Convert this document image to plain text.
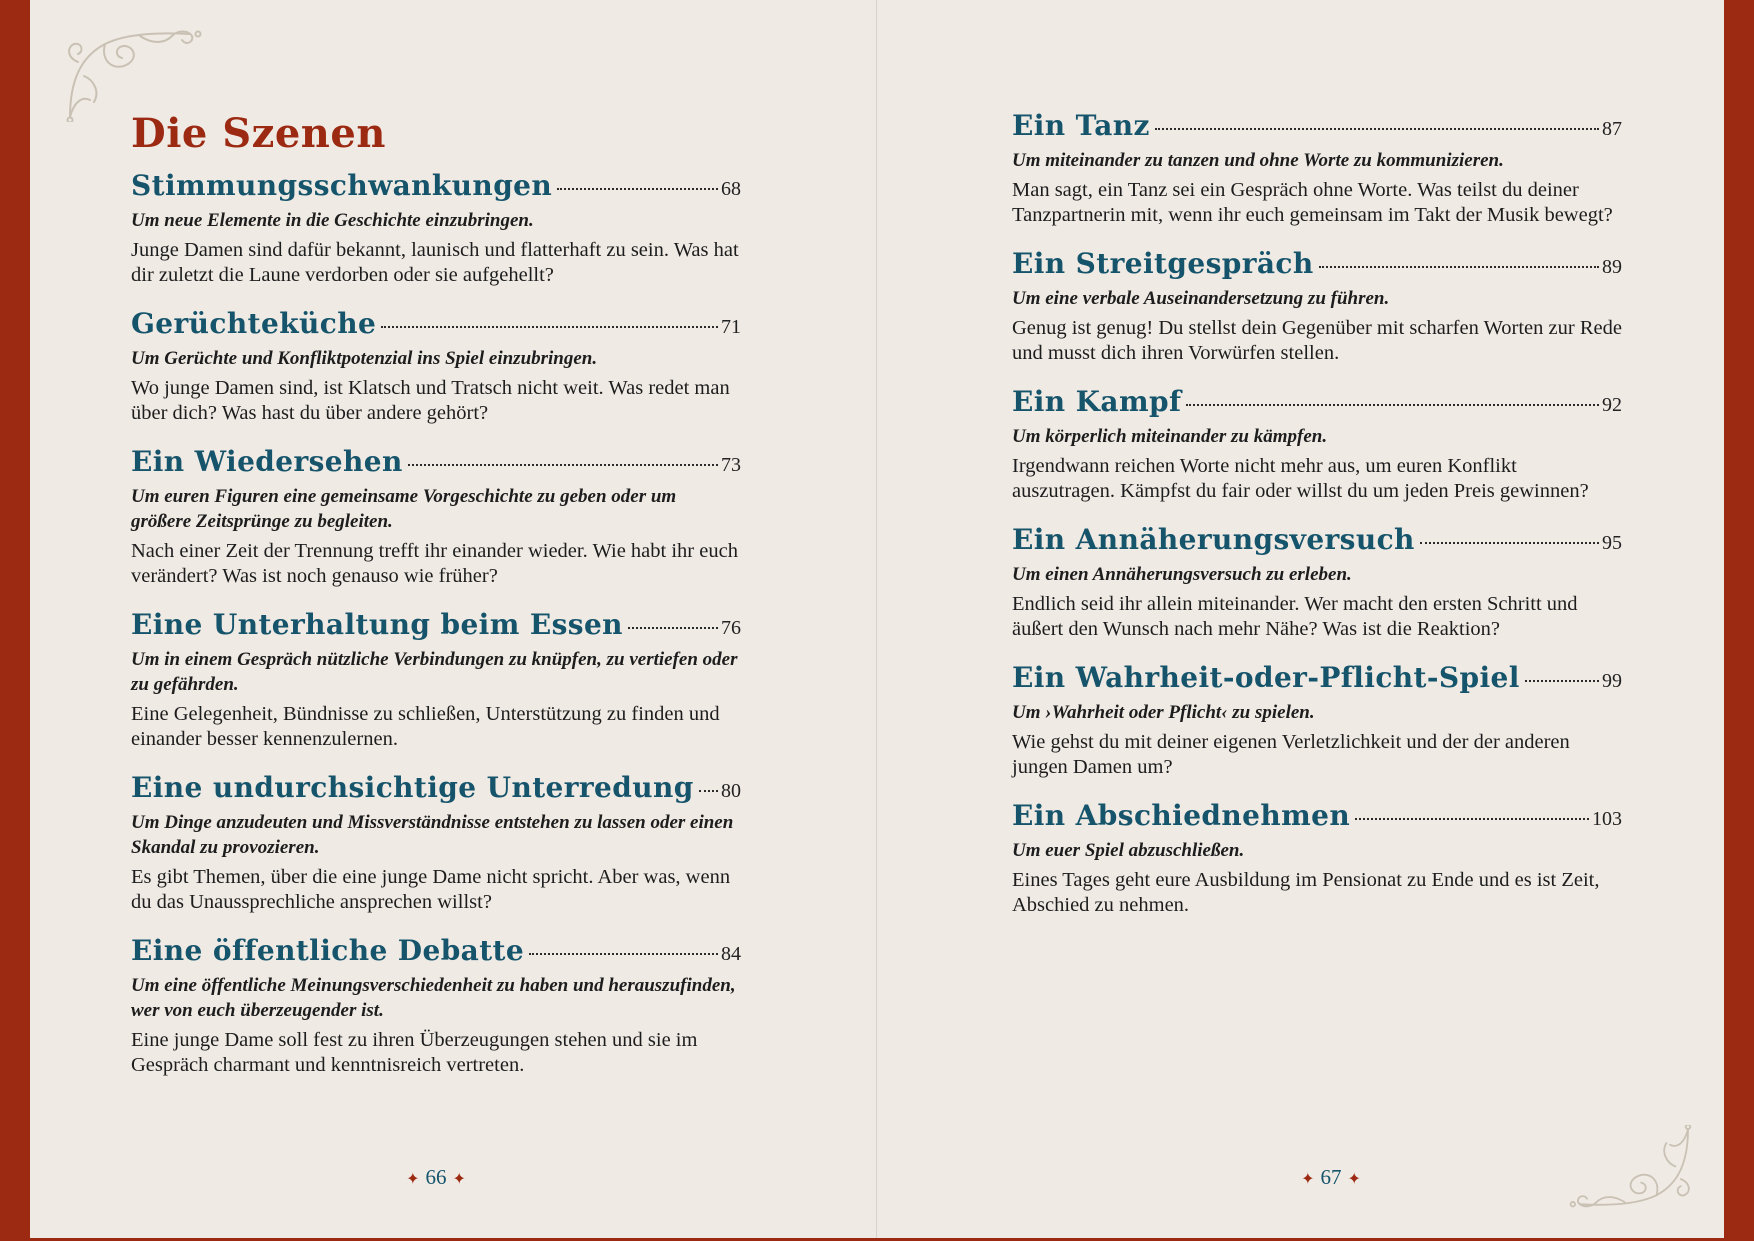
Die Szenen
Stimmungsschwankungen	68

Um neue Elemente in die Geschichte einzubringen.

Junge Damen sind dafür bekannt, launisch und flatterhaft zu sein. Was hat dir zuletzt die Laune verdorben oder sie aufgehellt?

Gerüchteküche	71

Um Gerüchte und Konfliktpotenzial ins Spiel einzubringen.

Wo junge Damen sind, ist Klatsch und Tratsch nicht weit. Was redet man über dich? Was hast du über andere gehört?

Ein Wiedersehen	73

Um euren Figuren eine gemeinsame Vorgeschichte zu geben oder um größere Zeitsprünge zu begleiten.

Nach einer Zeit der Trennung trefft ihr einander wieder. Wie habt ihr euch verändert? Was ist noch genauso wie früher?

Eine Unterhaltung beim Essen	76

Um in einem Gespräch nützliche Verbindungen zu knüpfen, zu vertiefen oder zu gefährden.

Eine Gelegenheit, Bündnisse zu schließen, Unterstützung zu finden und einander besser kennenzulernen.

Eine undurchsichtige Unterredung 80

Um Dinge anzudeuten und Missverständnisse entstehen zu lassen oder einen Skandal zu provozieren.

Es gibt Themen, über die eine junge Dame nicht spricht. Aber was, wenn du das Unaussprechliche ansprechen willst?

Eine öffentliche Debatte	84

Um eine öffentliche Meinungsverschiedenheit zu haben und herauszufinden, wer von euch überzeugender ist.

Eine junge Dame soll fest zu ihren Überzeugungen stehen und sie im Gespräch charmant und kenntnisreich vertreten.

✦ 66 ✦
Ein Tanz	87

Um miteinander zu tanzen und ohne Worte zu kommunizieren.

Man sagt, ein Tanz sei ein Gespräch ohne Worte. Was teilst du deiner Tanzpartnerin mit, wenn ihr euch gemeinsam im Takt der Musik bewegt?

Ein Streitgespräch	89

Um eine verbale Auseinandersetzung zu führen.

Genug ist genug! Du stellst dein Gegenüber mit scharfen Worten zur Rede und musst dich ihren Vorwürfen stellen.

Ein Kampf	92

Um körperlich miteinander zu kämpfen.

Irgendwann reichen Worte nicht mehr aus, um euren Konflikt auszutragen. Kämpfst du fair oder willst du um jeden Preis gewinnen?

Ein Annäherungsversuch	95

Um einen Annäherungsversuch zu erleben.

Endlich seid ihr allein miteinander. Wer macht den ersten Schritt und äußert den Wunsch nach mehr Nähe? Was ist die Reaktion?

Ein Wahrheit-oder-Pflicht-Spiel	99

Um ›Wahrheit oder Pflicht‹ zu spielen.

Wie gehst du mit deiner eigenen Verletzlichkeit und der der anderen jungen Damen um?

Ein Abschiednehmen	103

Um euer Spiel abzuschließen.

Eines Tages geht eure Ausbildung im Pensionat zu Ende und es ist Zeit, Abschied zu nehmen.

✦ 67 ✦
